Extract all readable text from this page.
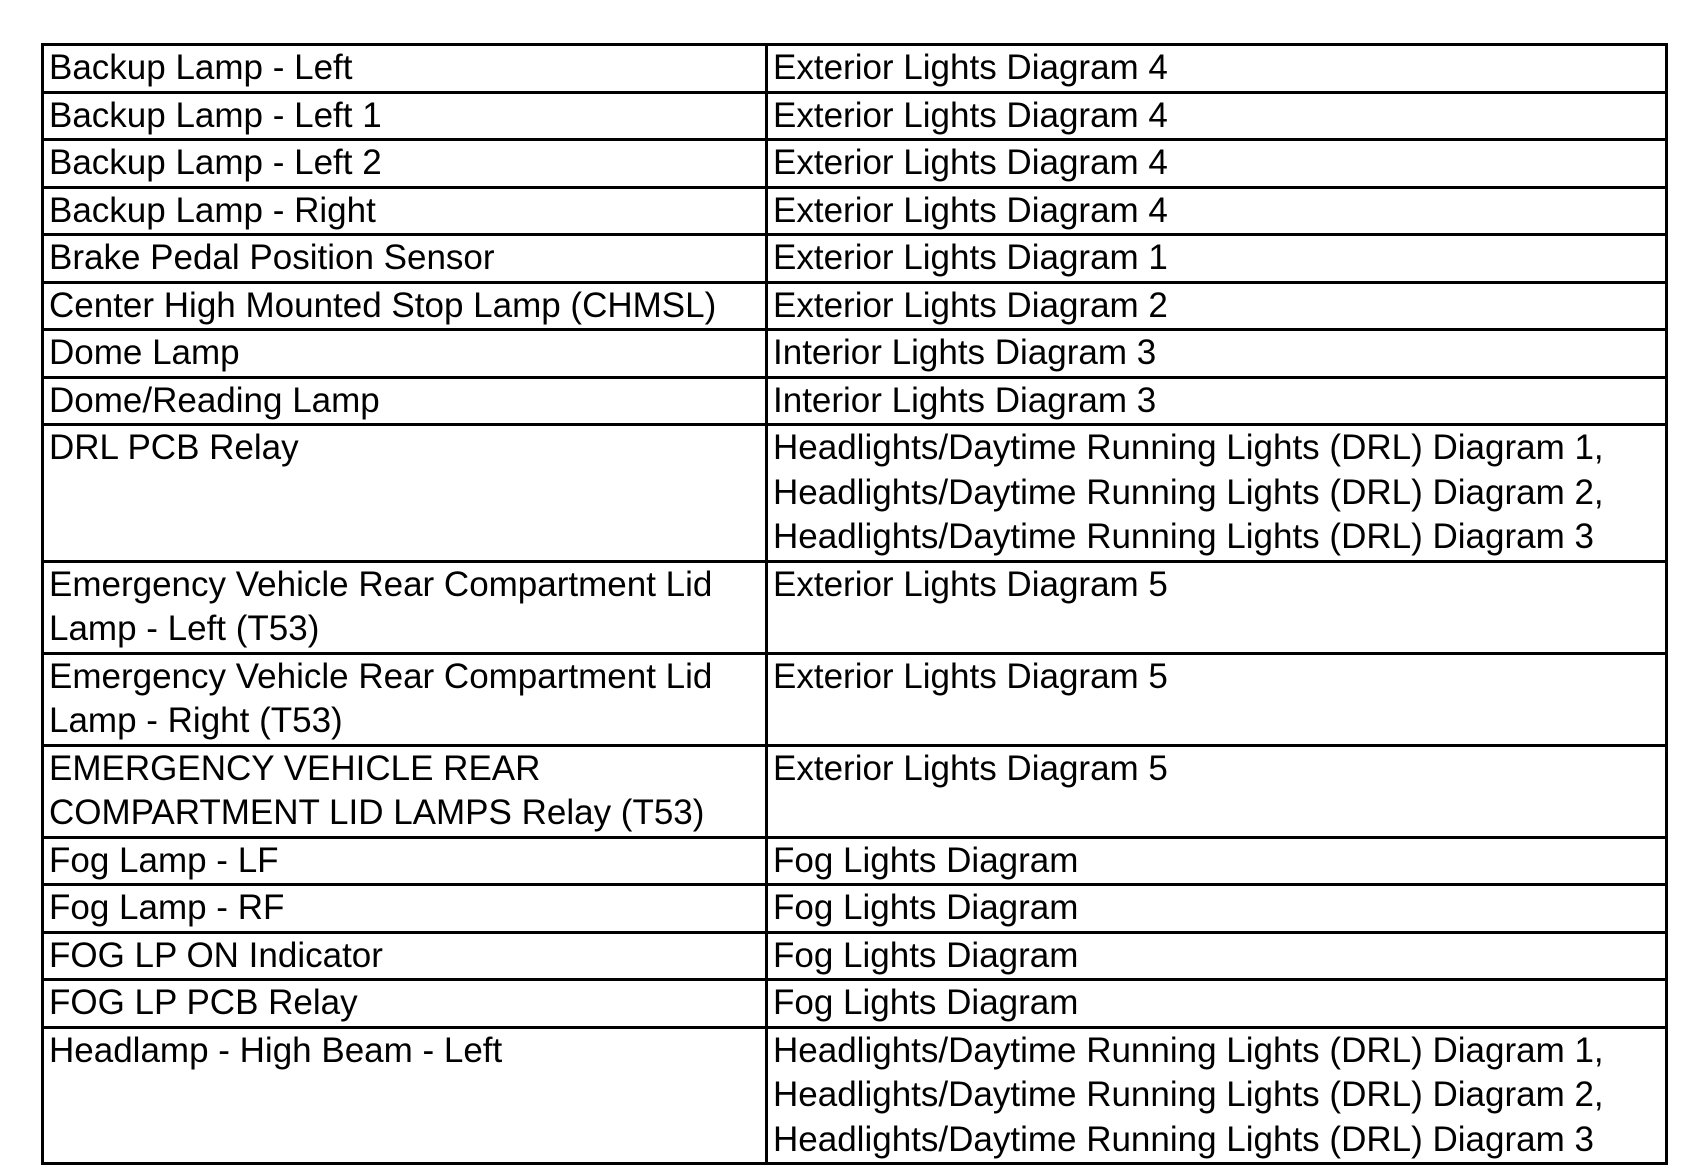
Backup Lamp - Left	Exterior Lights Diagram 4
Backup Lamp - Left 1	Exterior Lights Diagram 4
Backup Lamp - Left 2	Exterior Lights Diagram 4
Backup Lamp - Right	Exterior Lights Diagram 4
Brake Pedal Position Sensor	Exterior Lights Diagram 1
Center High Mounted Stop Lamp (CHMSL)	Exterior Lights Diagram 2
Dome Lamp	Interior Lights Diagram 3
Dome/Reading Lamp	Interior Lights Diagram 3
DRL PCB Relay	Headlights/Daytime Running Lights (DRL) Diagram 1,
Headlights/Daytime Running Lights (DRL) Diagram 2,
Headlights/Daytime Running Lights (DRL) Diagram 3
Emergency Vehicle Rear Compartment Lid
Lamp - Left (T53)	Exterior Lights Diagram 5
Emergency Vehicle Rear Compartment Lid
Lamp - Right (T53)	Exterior Lights Diagram 5
EMERGENCY VEHICLE REAR
COMPARTMENT LID LAMPS Relay (T53)	Exterior Lights Diagram 5
Fog Lamp - LF	Fog Lights Diagram
Fog Lamp - RF	Fog Lights Diagram
FOG LP ON Indicator	Fog Lights Diagram
FOG LP PCB Relay	Fog Lights Diagram
Headlamp - High Beam - Left	Headlights/Daytime Running Lights (DRL) Diagram 1,
Headlights/Daytime Running Lights (DRL) Diagram 2,
Headlights/Daytime Running Lights (DRL) Diagram 3
